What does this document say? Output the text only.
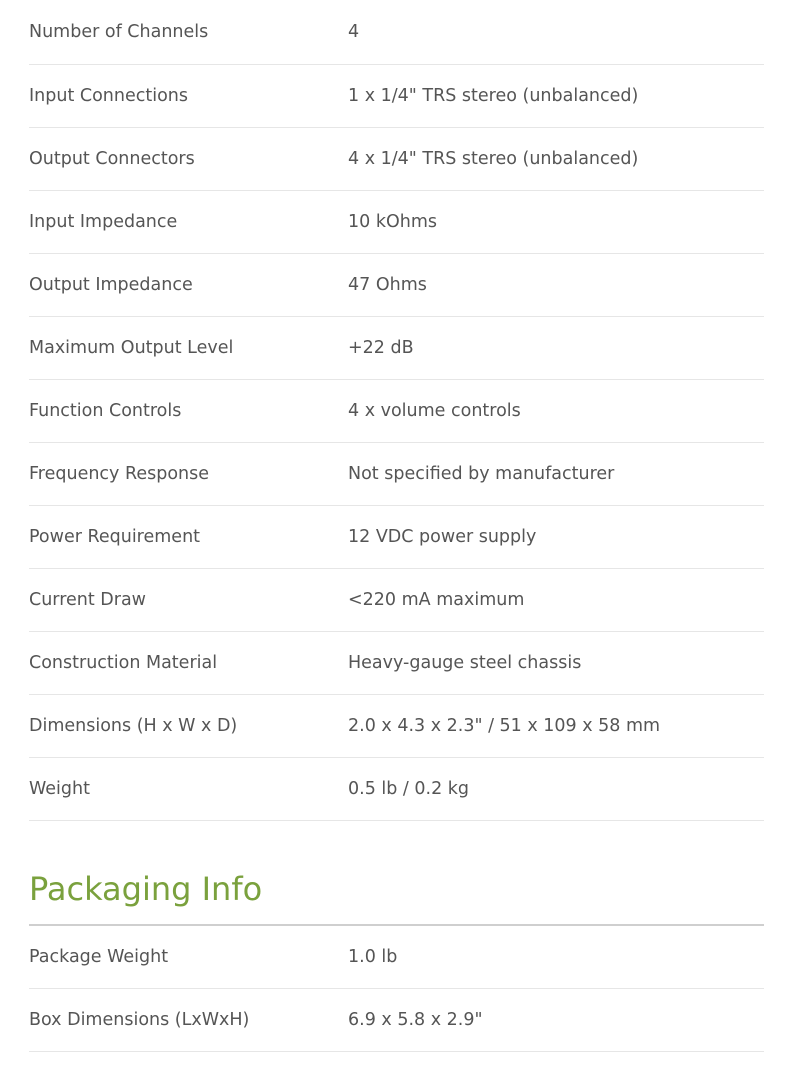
Number of Channels	4
Input Connections	1 x 1/4" TRS stereo (unbalanced)
Output Connectors	4 x 1/4" TRS stereo (unbalanced)
Input Impedance	10 kOhms
Output Impedance	47 Ohms
Maximum Output Level	+22 dB
Function Controls	4 x volume controls
Frequency Response	Not specified by manufacturer
Power Requirement	12 VDC power supply
Current Draw	<220 mA maximum
Construction Material	Heavy-gauge steel chassis
Dimensions (H x W x D)	2.0 x 4.3 x 2.3" / 51 x 109 x 58 mm
Weight	0.5 lb / 0.2 kg
Packaging Info
Package Weight	1.0 lb
Box Dimensions (LxWxH)	6.9 x 5.8 x 2.9"
